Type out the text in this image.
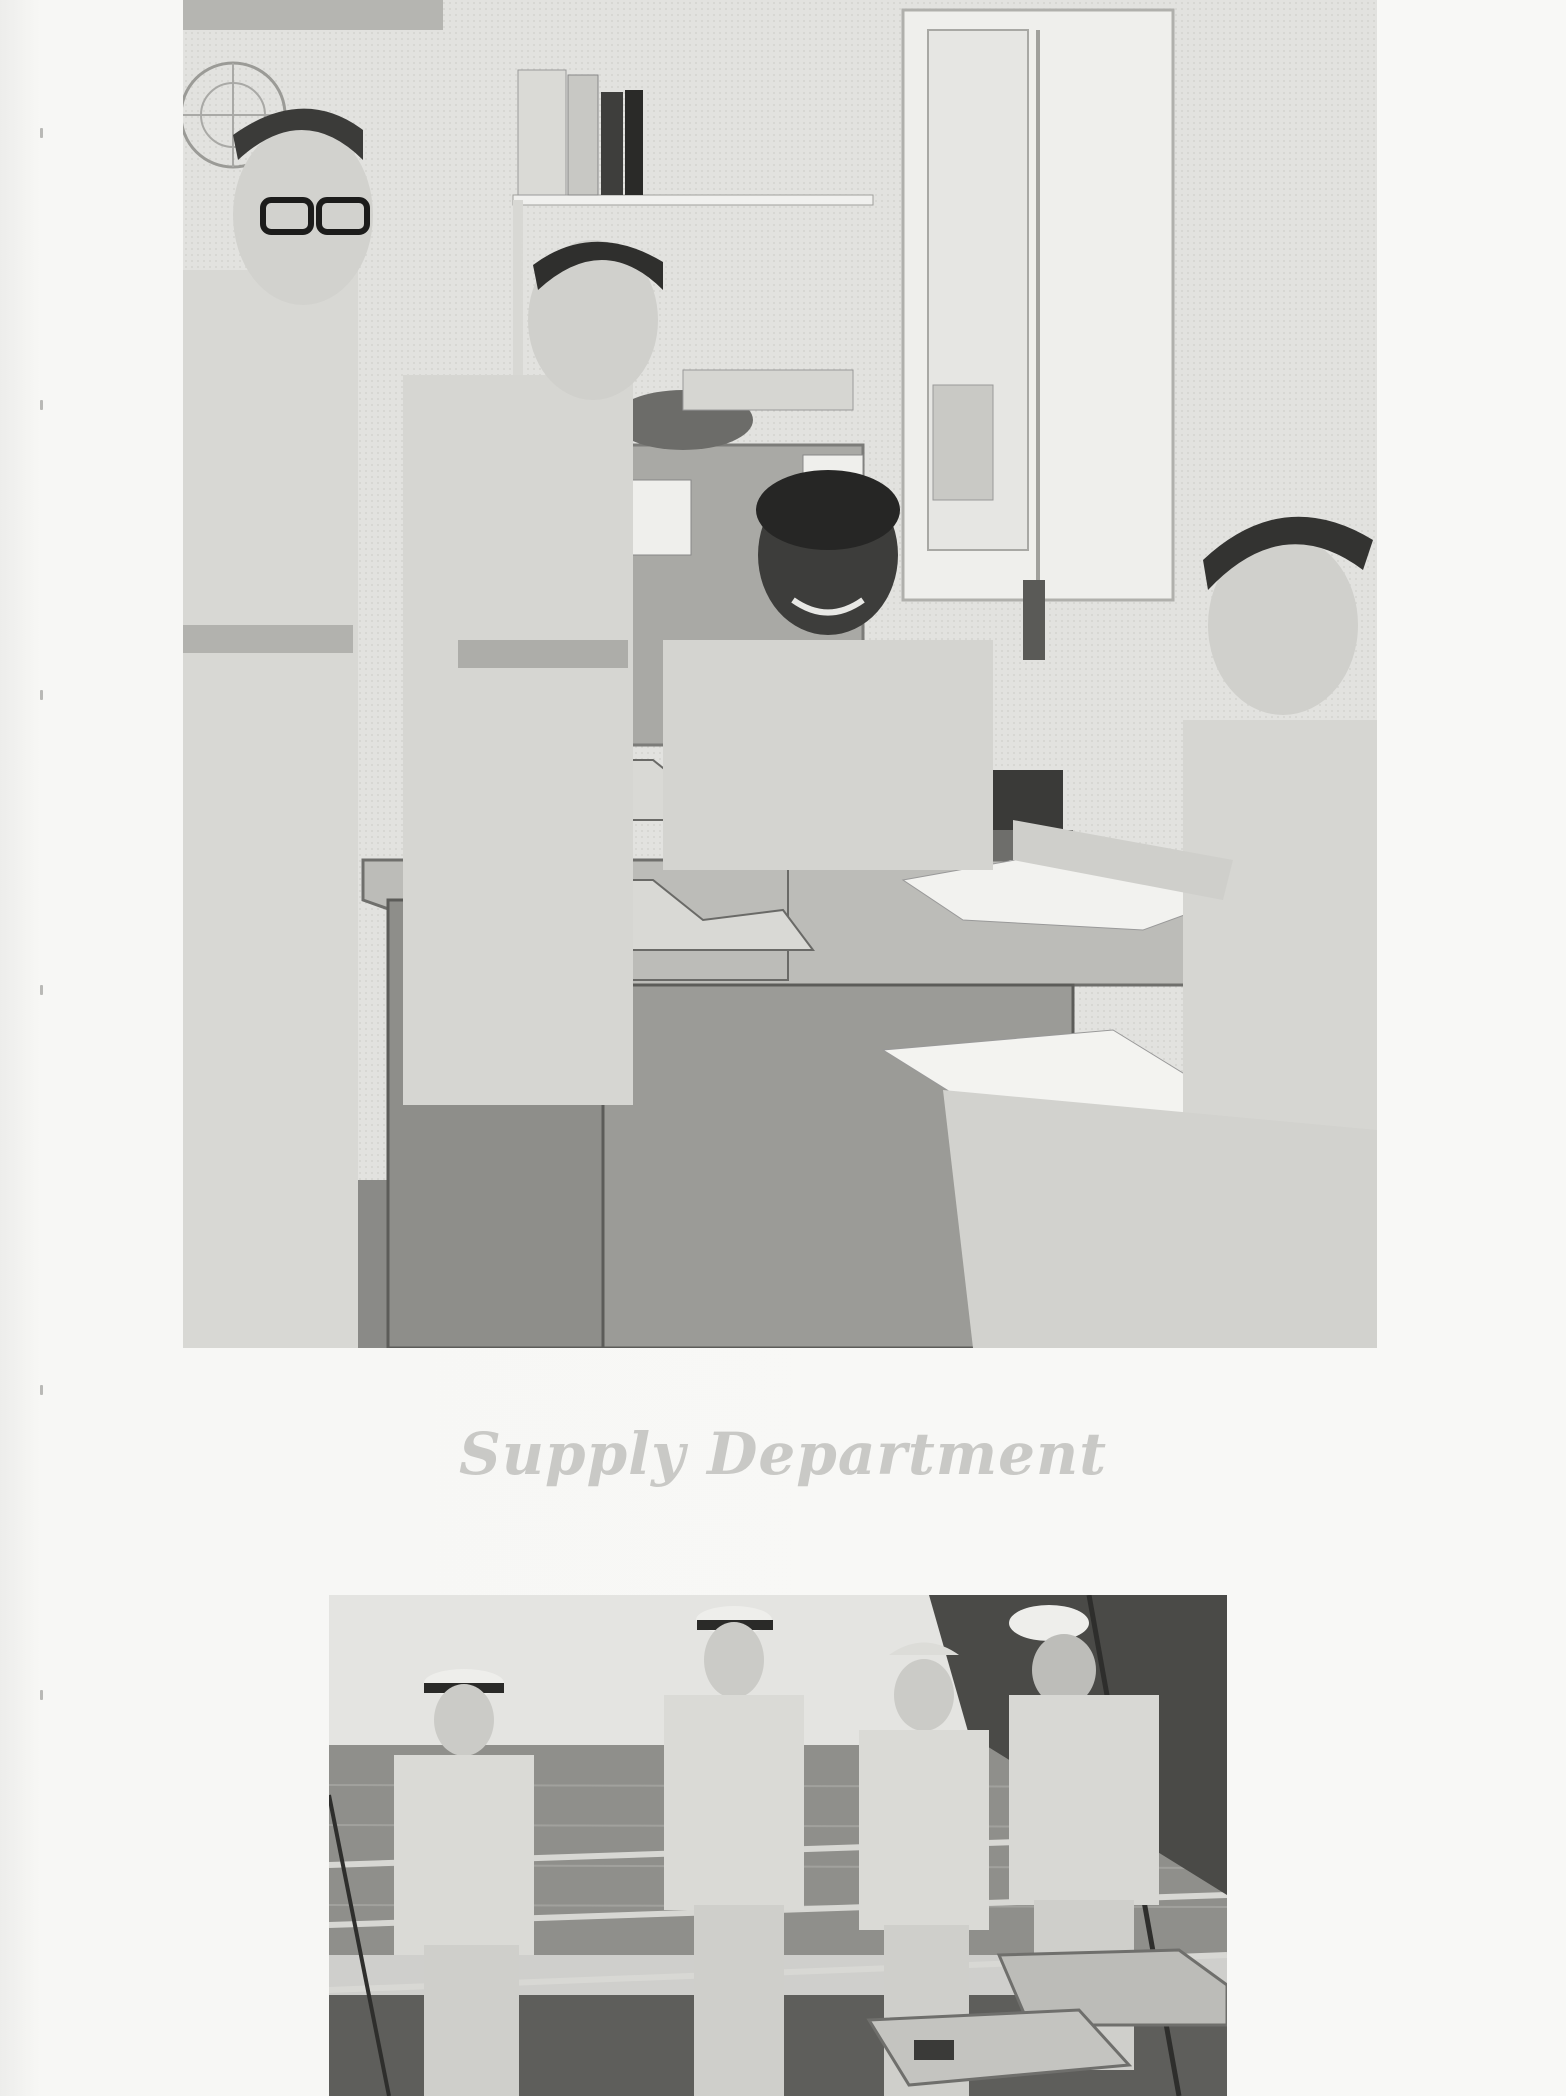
Supply Department
